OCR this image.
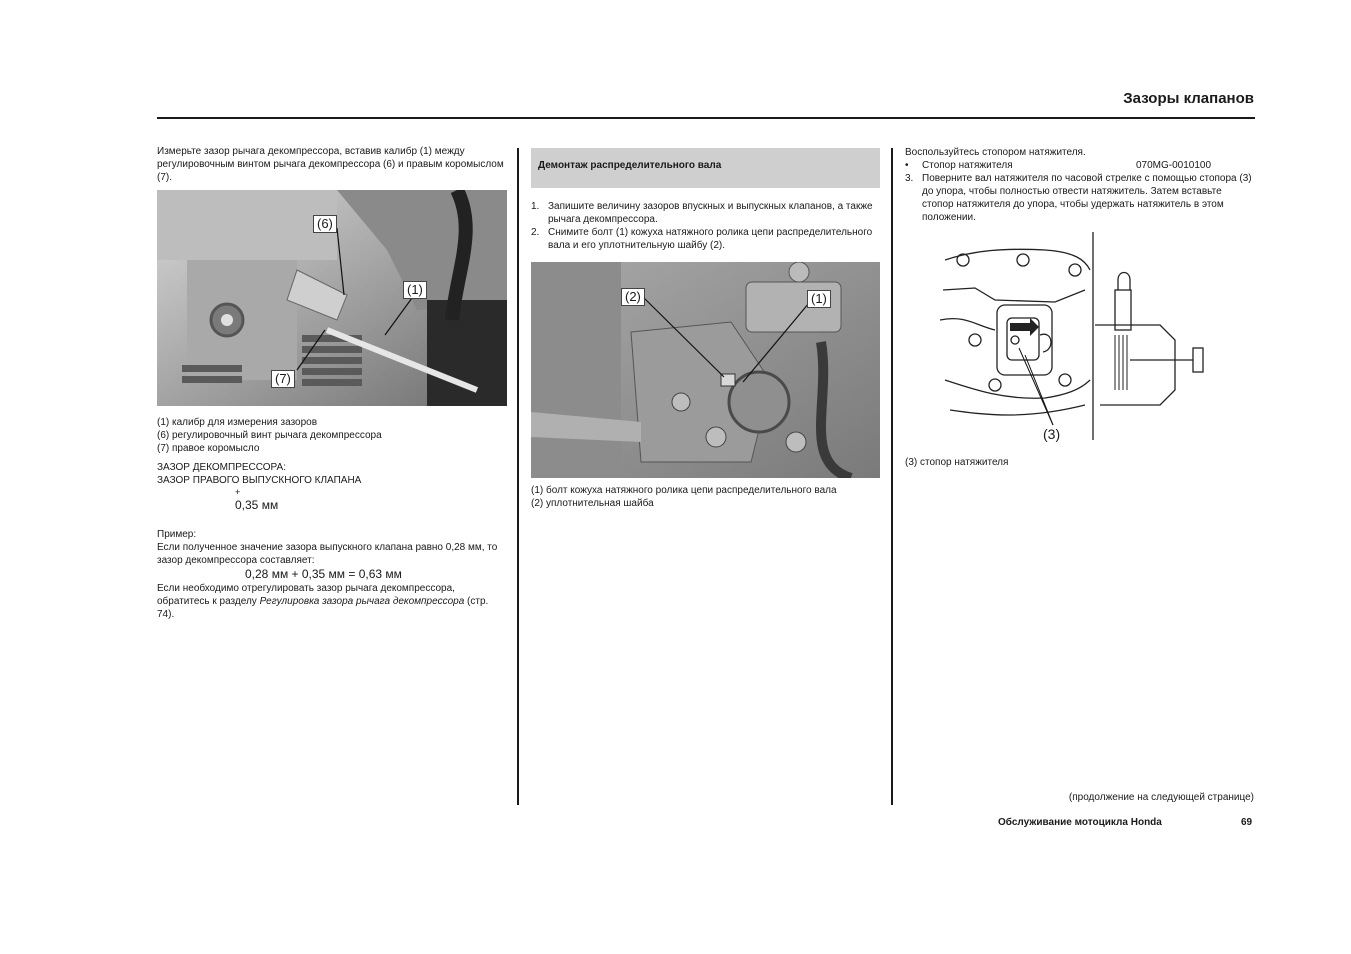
Зазоры клапанов
Измерьте зазор рычага декомпрессора, вставив калибр (1) между регулировочным винтом рычага декомпрессора (6) и правым коромыслом (7).
(6)
(1)
(7)
(1) калибр для измерения зазоров
(6) регулировочный винт рычага декомпрессора
(7) правое коромысло
ЗАЗОР ДЕКОМПРЕССОРА:
ЗАЗОР ПРАВОГО ВЫПУСКНОГО КЛАПАНА
+
0,35 мм
Пример:
Если полученное значение зазора выпускного клапана равно 0,28 мм, то зазор декомпрессора составляет:
0,28 мм + 0,35 мм = 0,63 мм
Если необходимо отрегулировать зазор рычага декомпрессора, обратитесь к разделу Регулировка зазора рычага декомпрессора (стр. 74).
Демонтаж распределительного вала
1. Запишите величину зазоров впускных и выпускных клапанов, а также рычага декомпрессора.
2. Снимите болт (1) кожуха натяжного ролика цепи распределительного вала и его уплотнительную шайбу (2).
(2)	(1)
(1) болт кожуха натяжного ролика цепи распределительного вала
(2) уплотнительная шайба
Воспользуйтесь стопором натяжителя.
•	Стопор натяжителя	070MG-0010100
3. Поверните вал натяжителя по часовой стрелке с помощью стопора (3) до упора, чтобы полностью отвести натяжитель. Затем вставьте стопор натяжителя до упора, чтобы удержать натяжитель в этом положении.
(3)
(3) стопор натяжителя
(продолжение на следующей странице)
Обслуживание мотоцикла Honda	69
